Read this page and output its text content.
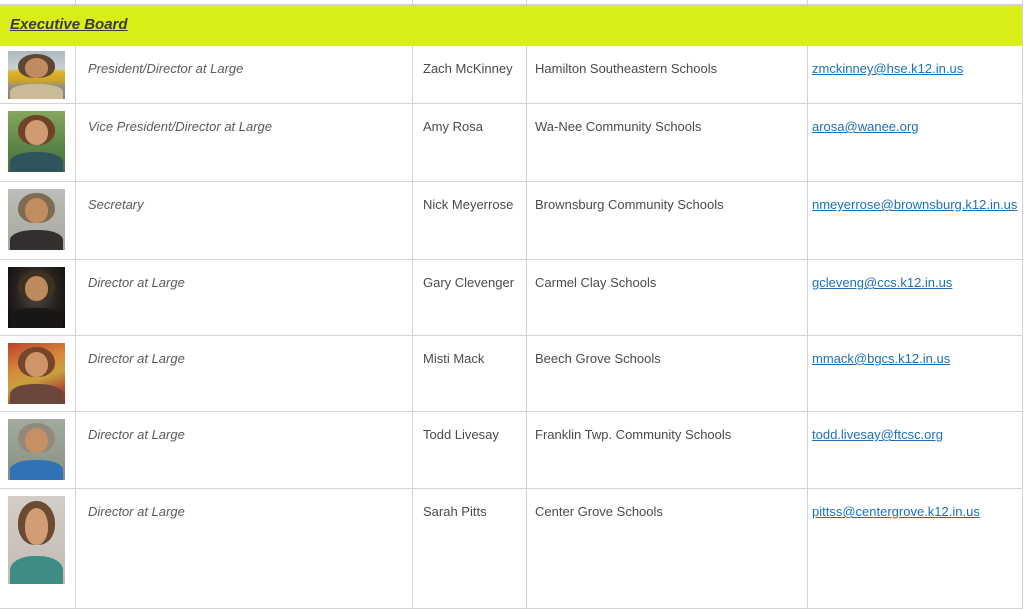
Executive Board
President/Director at Large	Zach McKinney	Hamilton Southeastern Schools	zmckinney@hse.k12.in.us
Vice President/Director at Large	Amy Rosa	Wa-Nee Community Schools	arosa@wanee.org
Secretary	Nick Meyerrose	Brownsburg Community Schools	nmeyerrose@brownsburg.k12.in.us
Director at Large	Gary Clevenger	Carmel Clay Schools	gcleveng@ccs.k12.in.us
Director at Large	Misti Mack	Beech Grove Schools	mmack@bgcs.k12.in.us
Director at Large	Todd Livesay	Franklin Twp. Community Schools	todd.livesay@ftcsc.org
Director at Large	Sarah Pitts	Center Grove Schools	pittss@centergrove.k12.in.us
